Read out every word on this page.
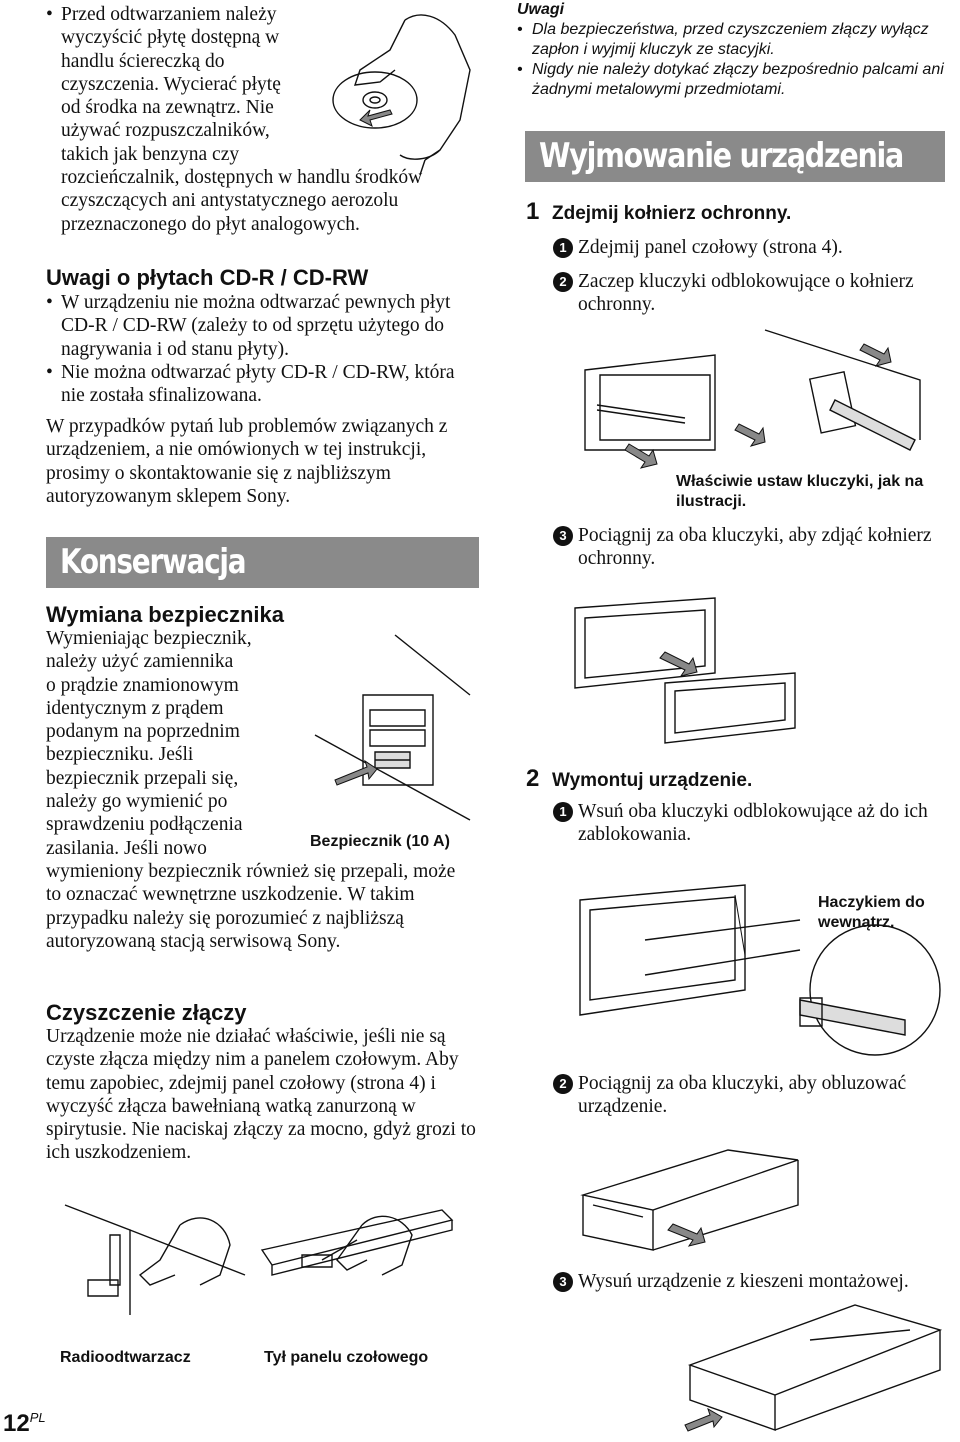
• Przed odtwarzaniem należy wyczyścić płytę dostępną w handlu ściereczką do czyszczenia. Wycierać płytę od środka na zewnątrz. Nie używać rozpuszczalników, takich jak benzyna czy rozcieńczalnik, dostępnych w handlu środków czyszczących ani antystatycznego aerozolu przeznaczonego do płyt analogowych.
Uwagi o płytach CD-R / CD-RW
• W urządzeniu nie można odtwarzać pewnych płyt CD-R / CD-RW (zależy to od sprzętu użytego do nagrywania i od stanu płyty).
• Nie można odtwarzać płyty CD-R / CD-RW, która nie została sfinalizowana.
W przypadków pytań lub problemów związanych z urządzeniem, a nie omówionych w tej instrukcji, prosimy o skontaktowanie się z najbliższym autoryzowanym sklepem Sony.
Konserwacja
Wymiana bezpiecznika
Wymieniając bezpiecznik,
należy użyć zamiennika
o prądzie znamionowym
identycznym z prądem
podanym na poprzednim
bezpieczniku. Jeśli
bezpiecznik przepali się,
należy go wymienić po
sprawdzeniu podłączenia
zasilania. Jeśli nowo
wymieniony bezpiecznik również się przepali, może to oznaczać wewnętrzne uszkodzenie. W takim przypadku należy się porozumieć z najbliższą autoryzowaną stacją serwisową Sony.
Bezpiecznik (10 A)
Czyszczenie złączy
Urządzenie może nie działać właściwie, jeśli nie są czyste złącza między nim a panelem czołowym. Aby temu zapobiec, zdejmij panel czołowy (strona 4) i wyczyść złącza bawełnianą watką zanurzoną w spirytusie. Nie naciskaj złączy za mocno, gdyż grozi to ich uszkodzeniem.
Radioodtwarzacz	Tył panelu czołowego
$12^{PL}$
Uwagi
• Dla bezpieczeństwa, przed czyszczeniem złączy wyłącz zapłon i wyjmij kluczyk ze stacyjki.
• Nigdy nie należy dotykać złączy bezpośrednio palcami ani żadnymi metalowymi przedmiotami.
Wyjmowanie urządzenia
1 Zdejmij kołnierz ochronny.
1 Zdejmij panel czołowy (strona 4).
2 Zaczep kluczyki odblokowujące o kołnierz ochronny.
Właściwie ustaw kluczyki, jak na ilustracji.
3 Pociągnij za oba kluczyki, aby zdjąć kołnierz ochronny.
2 Wymontuj urządzenie.
1 Wsuń oba kluczyki odblokowujące aż do ich zablokowania.
Haczykiem do wewnątrz.
2 Pociągnij za oba kluczyki, aby obluzować urządzenie.
3 Wysuń urządzenie z kieszeni montażowej.
